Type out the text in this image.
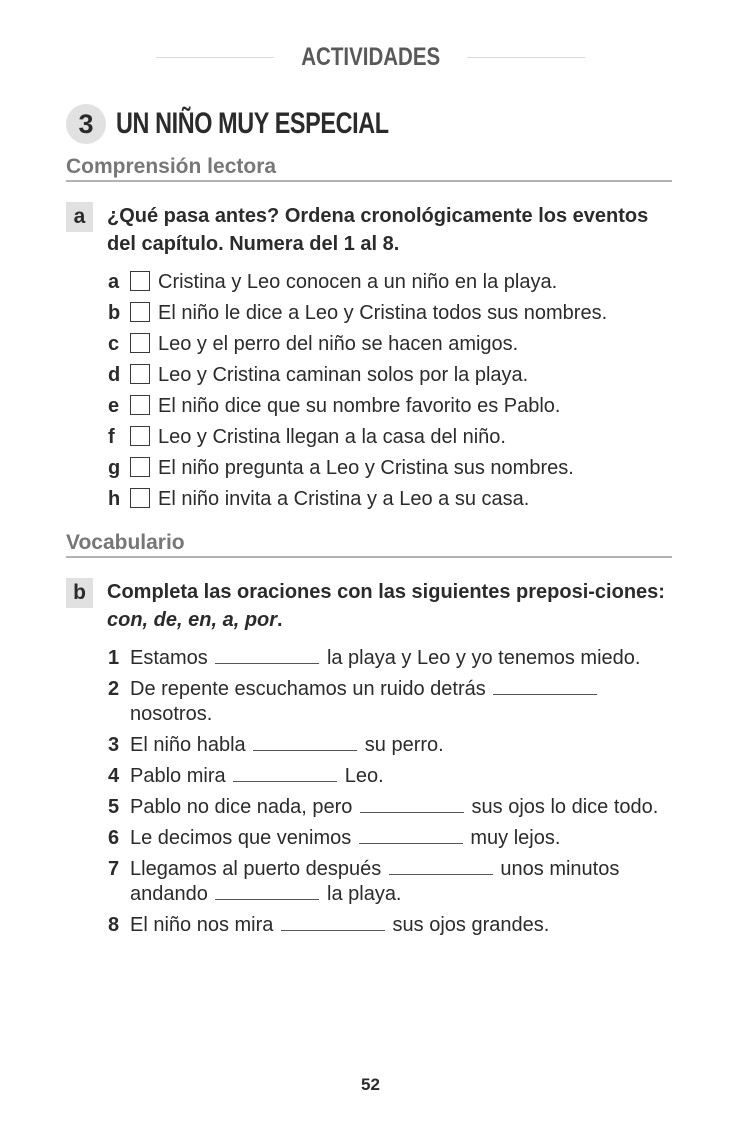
ACTIVIDADES
3 UN NIÑO MUY ESPECIAL
Comprensión lectora
a	¿Qué pasa antes? Ordena cronológicamente los eventos del capítulo. Numera del 1 al 8.
a Cristina y Leo conocen a un niño en la playa.
b El niño le dice a Leo y Cristina todos sus nombres.
c Leo y el perro del niño se hacen amigos.
d Leo y Cristina caminan solos por la playa.
e El niño dice que su nombre favorito es Pablo.
f	Leo y Cristina llegan a la casa del niño.
g El niño pregunta a Leo y Cristina sus nombres.
h El niño invita a Cristina y a Leo a su casa.
Vocabulario
b	Completa las oraciones con las siguientes preposi-ciones: con, de, en, a, por.
1 Estamos	la playa y Leo y yo tenemos miedo.
2 De repente escuchamos un ruido detrás  nosotros.
3 El niño habla	su perro.
4 Pablo mira	Leo.
5 Pablo no dice nada, pero	sus ojos lo dice todo.
6 Le decimos que venimos	muy lejos.
7 Llegamos al puerto después	unos minutos andando	la playa.
8 El niño nos mira	sus ojos grandes.
52
